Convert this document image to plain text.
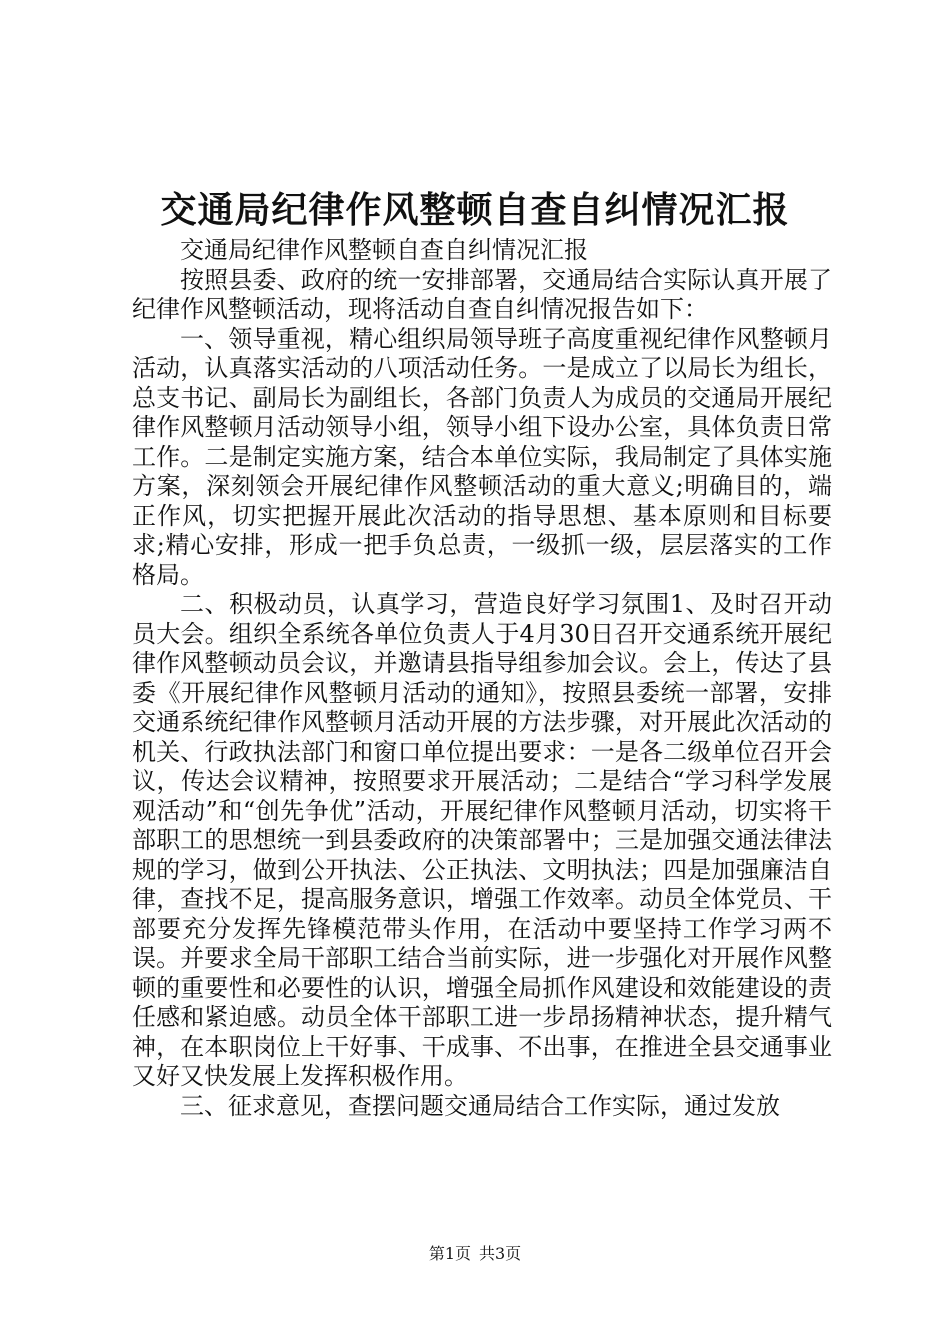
交通局纪律作风整顿自查自纠情况汇报

交通局纪律作风整顿自查自纠情况汇报

按照县委、政府的统一安排部署，交通局结合实际认真开展了纪律作风整顿活动，现将活动自查自纠情况报告如下：

一、领导重视，精心组织局领导班子高度重视纪律作风整顿月活动，认真落实活动的八项活动任务。一是成立了以局长为组长，总支书记、副局长为副组长，各部门负责人为成员的交通局开展纪律作风整顿月活动领导小组，领导小组下设办公室，具体负责日常工作。二是制定实施方案，结合本单位实际，我局制定了具体实施方案，深刻领会开展纪律作风整顿活动的重大意义;明确目的，端正作风，切实把握开展此次活动的指导思想、基本原则和目标要求;精心安排，形成一把手负总责，一级抓一级，层层落实的工作格局。

二、积极动员，认真学习，营造良好学习氛围1、及时召开动员大会。组织全系统各单位负责人于4月30日召开交通系统开展纪律作风整顿动员会议，并邀请县指导组参加会议。会上，传达了县委《开展纪律作风整顿月活动的通知》，按照县委统一部署，安排交通系统纪律作风整顿月活动开展的方法步骤，对开展此次活动的机关、行政执法部门和窗口单位提出要求：一是各二级单位召开会议，传达会议精神，按照要求开展活动；二是结合“学习科学发展观活动”和“创先争优”活动，开展纪律作风整顿月活动，切实将干部职工的思想统一到县委政府的决策部署中；三是加强交通法律法规的学习，做到公开执法、公正执法、文明执法；四是加强廉洁自律，查找不足，提高服务意识，增强工作效率。动员全体党员、干部要充分发挥先锋模范带头作用，在活动中要坚持工作学习两不误。并要求全局干部职工结合当前实际，进一步强化对开展作风整顿的重要性和必要性的认识，增强全局抓作风建设和效能建设的责任感和紧迫感。动员全体干部职工进一步昂扬精神状态，提升精气神，在本职岗位上干好事、干成事、不出事，在推进全县交通事业又好又快发展上发挥积极作用。

三、征求意见，查摆问题交通局结合工作实际，通过发放

第1页 共3页
